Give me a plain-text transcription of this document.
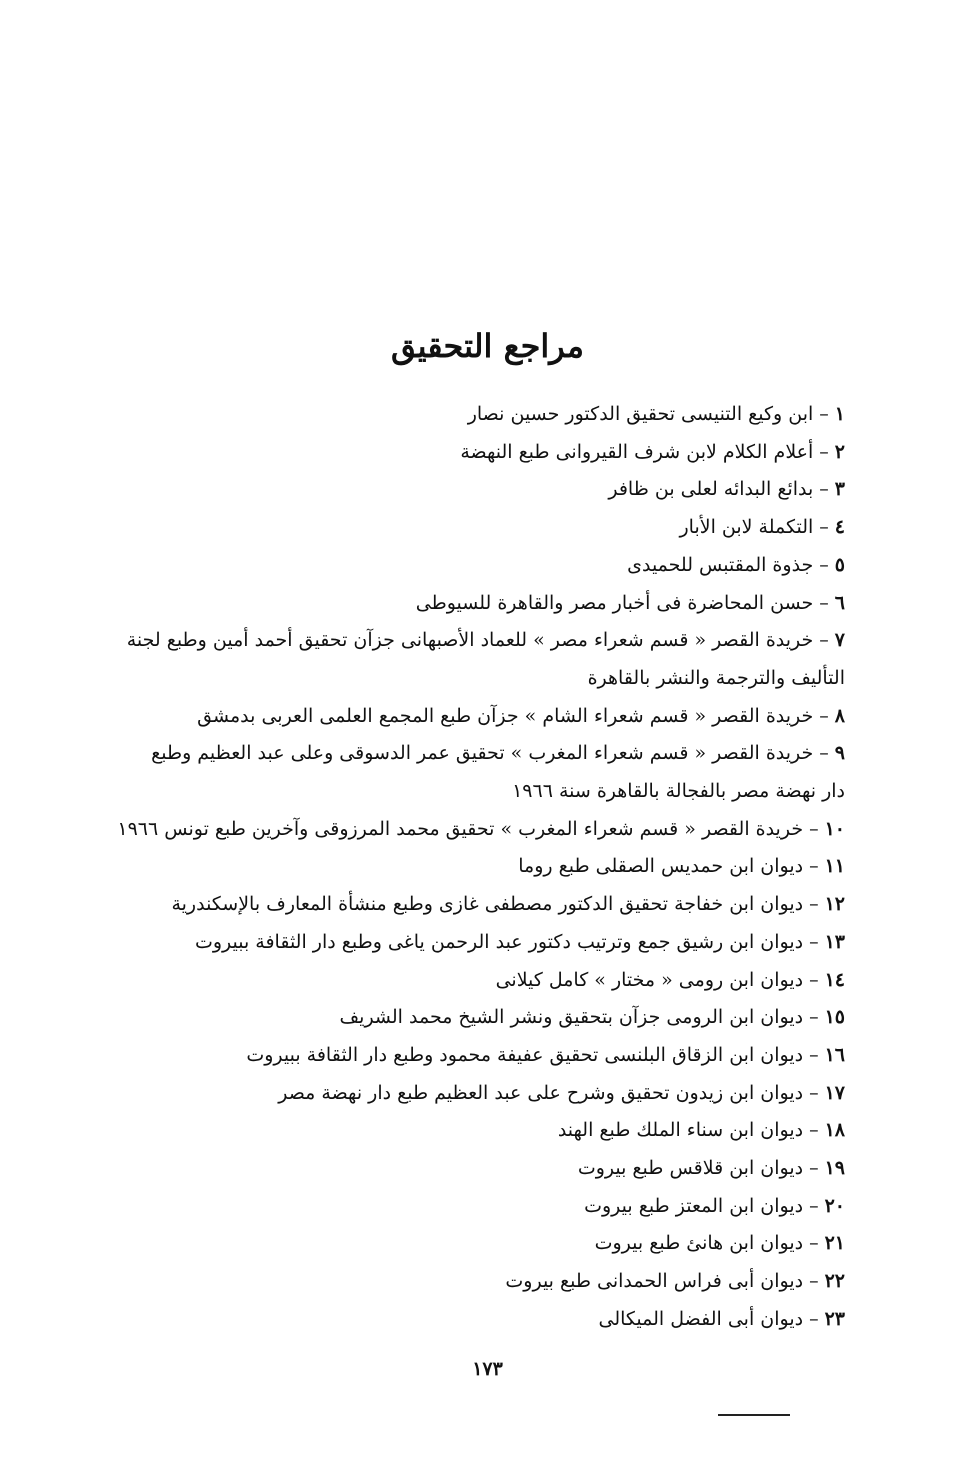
مراجع التحقيق
١–ابن وكيع التنيسى تحقيق الدكتور حسين نصار
٢–أعلام الكلام لابن شرف القيروانى طبع النهضة
٣–بدائع البدائه لعلى بن ظافر
٤–التكملة لابن الأبار
٥–جذوة المقتبس للحميدى
٦–حسن المحاضرة فى أخبار مصر والقاهرة للسيوطى
٧–خريدة القصر « قسم شعراء مصر » للعماد الأصبهانى جزآن تحقيق أحمد أمين وطبع لجنة التأليف والترجمة والنشر بالقاهرة
٨–خريدة القصر « قسم شعراء الشام » جزآن طبع المجمع العلمى العربى بدمشق
٩–خريدة القصر « قسم شعراء المغرب » تحقيق عمر الدسوقى وعلى عبد العظيم وطبع دار نهضة مصر بالفجالة بالقاهرة سنة ١٩٦٦
١٠–خريدة القصر « قسم شعراء المغرب » تحقيق محمد المرزوقى وآخرين طبع تونس ١٩٦٦
١١–ديوان ابن حمديس الصقلى طبع روما
١٢–ديوان ابن خفاجة تحقيق الدكتور مصطفى غازى وطبع منشأة المعارف بالإسكندرية
١٣–ديوان ابن رشيق جمع وترتيب دكتور عبد الرحمن ياغى وطبع دار الثقافة ببيروت
١٤–ديوان ابن رومى « مختار » كامل كيلانى
١٥–ديوان ابن الرومى جزآن بتحقيق ونشر الشيخ محمد الشريف
١٦–ديوان ابن الزقاق البلنسى تحقيق عفيفة محمود وطبع دار الثقافة ببيروت
١٧–ديوان ابن زيدون تحقيق وشرح على عبد العظيم طبع دار نهضة مصر
١٨–ديوان ابن سناء الملك طبع الهند
١٩–ديوان ابن قلاقس طبع بيروت
٢٠–ديوان ابن المعتز طبع بيروت
٢١–ديوان ابن هانئ طبع بيروت
٢٢–ديوان أبى فراس الحمدانى طبع بيروت
٢٣–ديوان أبى الفضل الميكالى
١٧٣
